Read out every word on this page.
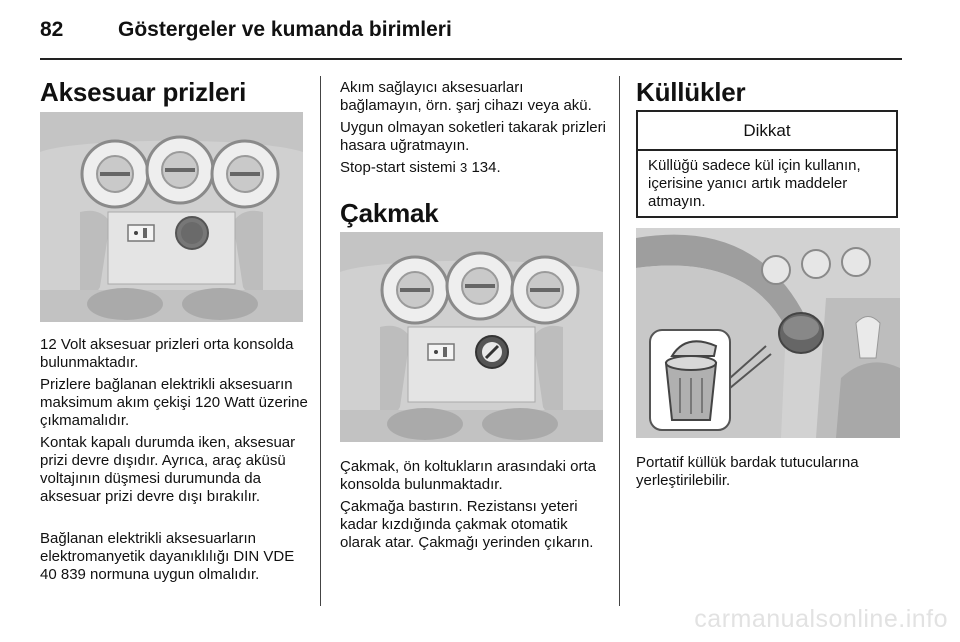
82	Göstergeler ve kumanda birimleri
Aksesuar prizleri

12 Volt aksesuar prizleri orta konsolda bulunmaktadır.

Prizlere bağlanan elektrikli aksesuarın maksimum akım çekişi 120 Watt üzerine çıkmamalıdır.

Kontak kapalı durumda iken, aksesuar prizi devre dışıdır. Ayrıca, araç aküsü voltajının düşmesi durumunda da aksesuar prizi devre dışı bırakılır.

Bağlanan elektrikli aksesuarların elektromanyetik dayanıklılığı DIN VDE 40 839 normuna uygun olmalıdır.

Akım sağlayıcı aksesuarları bağlamayın, örn. şarj cihazı veya akü.

Uygun olmayan soketleri takarak prizleri hasara uğratmayın.

Stop-start sistemi 3 134.

Çakmak

Çakmak, ön koltukların arasındaki orta konsolda bulunmaktadır.

Çakmağa bastırın. Rezistansı yeteri kadar kızdığında çakmak otomatik olarak atar. Çakmağı yerinden çıkarın.

Küllükler
Dikkat
Küllüğü sadece kül için kullanın, içerisine yanıcı artık maddeler atmayın.

Portatif küllük bardak tutucularına yerleştirilebilir.

carmanualsonline.info
